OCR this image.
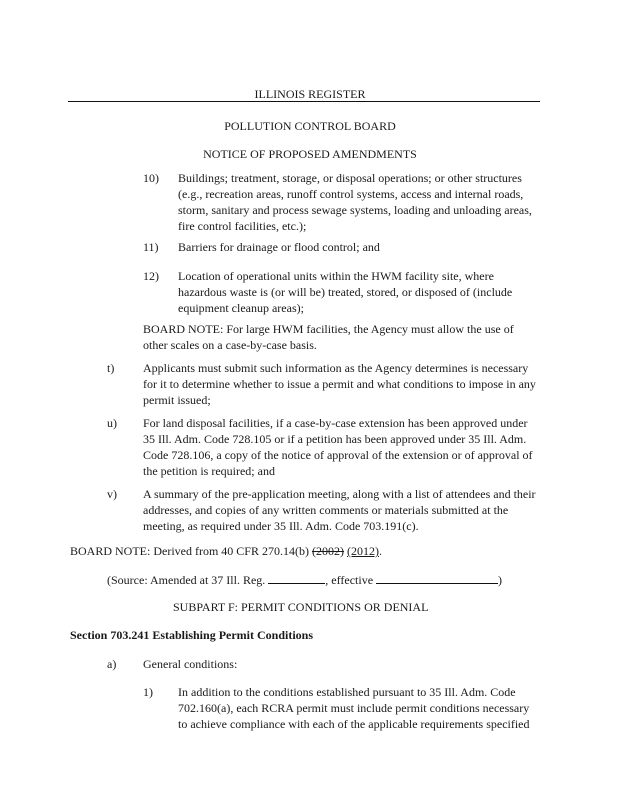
ILLINOIS REGISTER
POLLUTION CONTROL BOARD
NOTICE OF PROPOSED AMENDMENTS
10) Buildings; treatment, storage, or disposal operations; or other structures (e.g., recreation areas, runoff control systems, access and internal roads, storm, sanitary and process sewage systems, loading and unloading areas, fire control facilities, etc.);
11) Barriers for drainage or flood control; and
12) Location of operational units within the HWM facility site, where hazardous waste is (or will be) treated, stored, or disposed of (include equipment cleanup areas);
BOARD NOTE: For large HWM facilities, the Agency must allow the use of other scales on a case-by-case basis.
t) Applicants must submit such information as the Agency determines is necessary for it to determine whether to issue a permit and what conditions to impose in any permit issued;
u) For land disposal facilities, if a case-by-case extension has been approved under 35 Ill. Adm. Code 728.105 or if a petition has been approved under 35 Ill. Adm. Code 728.106, a copy of the notice of approval of the extension or of approval of the petition is required; and
v) A summary of the pre-application meeting, along with a list of attendees and their addresses, and copies of any written comments or materials submitted at the meeting, as required under 35 Ill. Adm. Code 703.191(c).
BOARD NOTE: Derived from 40 CFR 270.14(b) (2002) (2012).
(Source: Amended at 37 Ill. Reg.	, effective	)
SUBPART F: PERMIT CONDITIONS OR DENIAL
Section 703.241 Establishing Permit Conditions
a) General conditions:
1) In addition to the conditions established pursuant to 35 Ill. Adm. Code 702.160(a), each RCRA permit must include permit conditions necessary to achieve compliance with each of the applicable requirements specified
